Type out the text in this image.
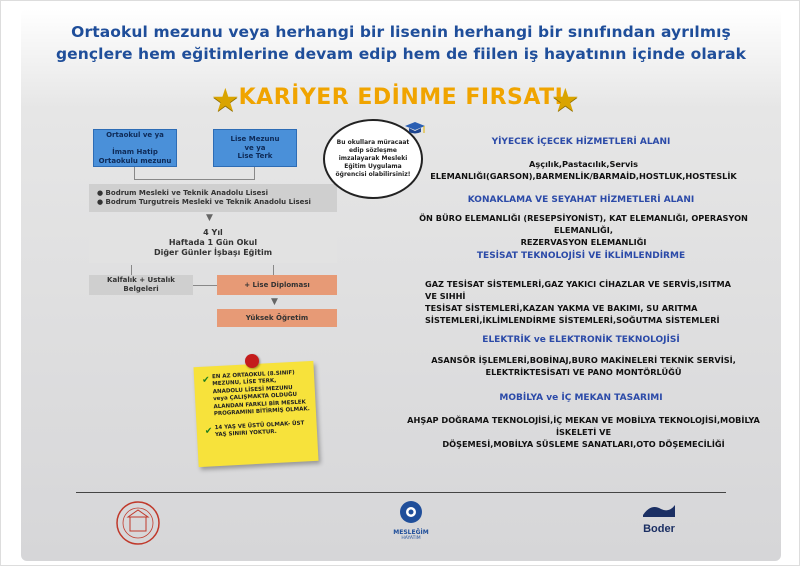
Ortaokul mezunu veya herhangi bir lisenin herhangi bir sınıfından ayrılmış
gençlere hem eğitimlerine devam edip hem de fiilen iş hayatının içinde olarak
★
KARİYER EDİNME FIRSATI
★
Ortaokul ve ya

İmam Hatip Ortaokulu mezunu
Lise Mezunu
ve ya
Lise Terk
● Bodrum Mesleki ve Teknik Anadolu Lisesi
● Bodrum Turgutreis Mesleki ve Teknik Anadolu Lisesi
▼
4 Yıl
Haftada 1 Gün Okul
Diğer Günler İşbaşı Eğitim
Kalfalık + Ustalık Belgeleri
+ Lise Diploması
▼
Yüksek Öğretim
Bu okullara müracaat edip sözleşme imzalayarak Mesleki Eğitim Uygulama öğrencisi olabilirsiniz!
YİYECEK İÇECEK HİZMETLERİ ALANI
Aşçılık,Pastacılık,Servis
ELEMANLIĞI(GARSON),BARMENLİK/BARMAİD,HOSTLUK,HOSTESLİK
KONAKLAMA VE SEYAHAT HİZMETLERİ ALANI
ÖN BÜRO ELEMANLIĞI (RESEPSİYONİST), KAT ELEMANLIĞI, OPERASYON ELEMANLIĞI,
REZERVASYON ELEMANLIĞI
TESİSAT TEKNOLOJİSİ VE İKLİMLENDİRME
GAZ TESİSAT SİSTEMLERİ,GAZ YAKICI CİHAZLAR VE SERVİS,ISITMA VE SIHHİ
TESİSAT SİSTEMLERİ,KAZAN YAKMA VE BAKIMI, SU ARITMA
SİSTEMLERİ,İKLİMLENDİRME SİSTEMLERİ,SOĞUTMA SİSTEMLERİ
ELEKTRİK ve ELEKTRONİK TEKNOLOJİSİ
ASANSÖR İŞLEMLERİ,BOBİNAJ,BURO MAKİNELERİ TEKNİK SERVİSİ,
ELEKTRİKTESİSATI VE PANO MONTÖRLÜĞÜ
MOBİLYA ve İÇ MEKAN TASARIMI
AHŞAP DOĞRAMA TEKNOLOJİSİ,İÇ MEKAN VE MOBİLYA TEKNOLOJİSİ,MOBİLYA İSKELETİ VE
DÖŞEMESİ,MOBİLYA SÜSLEME SANATLARI,OTO DÖŞEMECİLİĞİ
✔
EN AZ ORTAOKUL (8.SINIF) MEZUNU, LİSE TERK, ANADOLU LİSESİ MEZUNU veya ÇALIŞMAKTA OLDUĞU ALANDAN FARKLI BİR MESLEK PROGRAMINI BİTİRMİŞ OLMAK.
✔
14 YAŞ VE ÜSTÜ OLMAK- ÜST YAŞ SINIRI YOKTUR.
MESLEĞİM
HAYATIM
Boder
